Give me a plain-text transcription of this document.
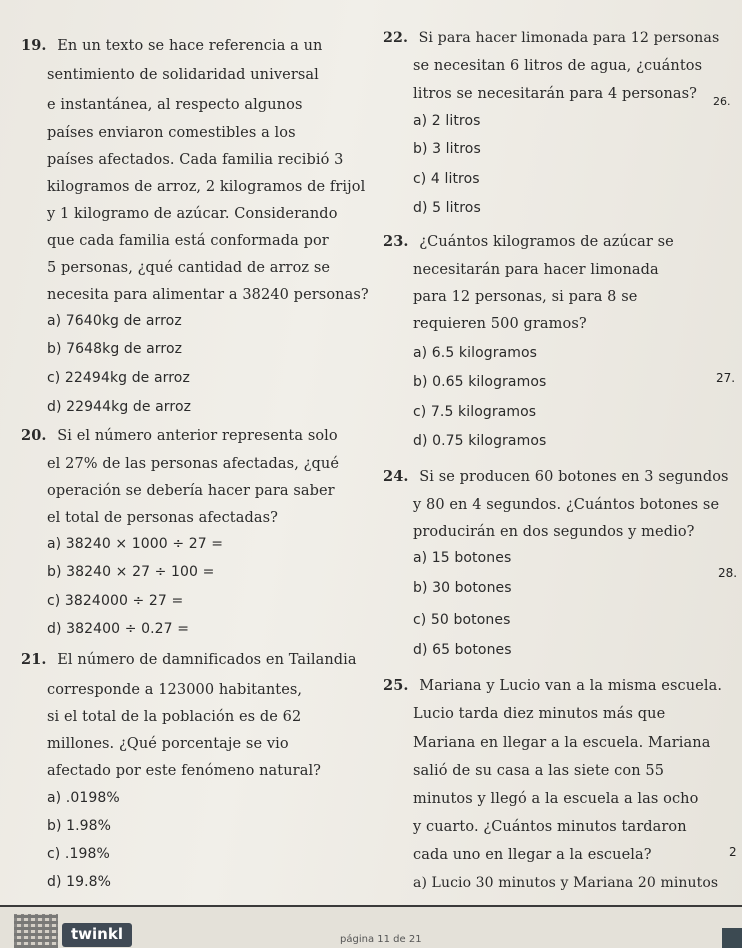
19. En un texto se hace referencia a un
sentimiento de solidaridad universal
e instantánea, al respecto algunos
países enviaron comestibles a los
países afectados. Cada familia recibió 3
kilogramos de arroz, 2 kilogramos de frijol
y 1 kilogramo de azúcar. Considerando
que cada familia está conformada por
5 personas, ¿qué cantidad de arroz se
necesita para alimentar a 38240 personas?
a) 7640kg de arroz
b) 7648kg de arroz
c) 22494kg de arroz
d) 22944kg de arroz
20. Si el número anterior representa solo
el 27% de las personas afectadas, ¿qué
operación se debería hacer para saber
el total de personas afectadas?
a) 38240 × 1000 ÷ 27 =
b) 38240 × 27 ÷ 100 =
c) 3824000 ÷ 27 =
d) 382400 ÷ 0.27 =
21. El número de damnificados en Tailandia
corresponde a 123000 habitantes,
si el total de la población es de 62
millones. ¿Qué porcentaje se vio
afectado por este fenómeno natural?
a) .0198%
b) 1.98%
c) .198%
d) 19.8%
22. Si para hacer limonada para 12 personas
se necesitan 6 litros de agua, ¿cuántos
litros se necesitarán para 4 personas?
a) 2 litros
b) 3 litros
c) 4 litros
d) 5 litros
23. ¿Cuántos kilogramos de azúcar se
necesitarán para hacer limonada
para 12 personas, si para 8 se
requieren 500 gramos?
a) 6.5 kilogramos
b) 0.65 kilogramos
c) 7.5 kilogramos
d) 0.75 kilogramos
24. Si se producen 60 botones en 3 segundos
y 80 en 4 segundos. ¿Cuántos botones se
producirán en dos segundos y medio?
a) 15 botones
b) 30 botones
c) 50 botones
d) 65 botones
25. Mariana y Lucio van a la misma escuela.
Lucio tarda diez minutos más que
Mariana en llegar a la escuela. Mariana
salió de su casa a las siete con 55
minutos y llegó a la escuela a las ocho
y cuarto. ¿Cuántos minutos tardaron
cada uno en llegar a la escuela?
a) Lucio 30 minutos y Mariana 20 minutos
26.
27.
28.
2
twinkl	página 11 de 21
